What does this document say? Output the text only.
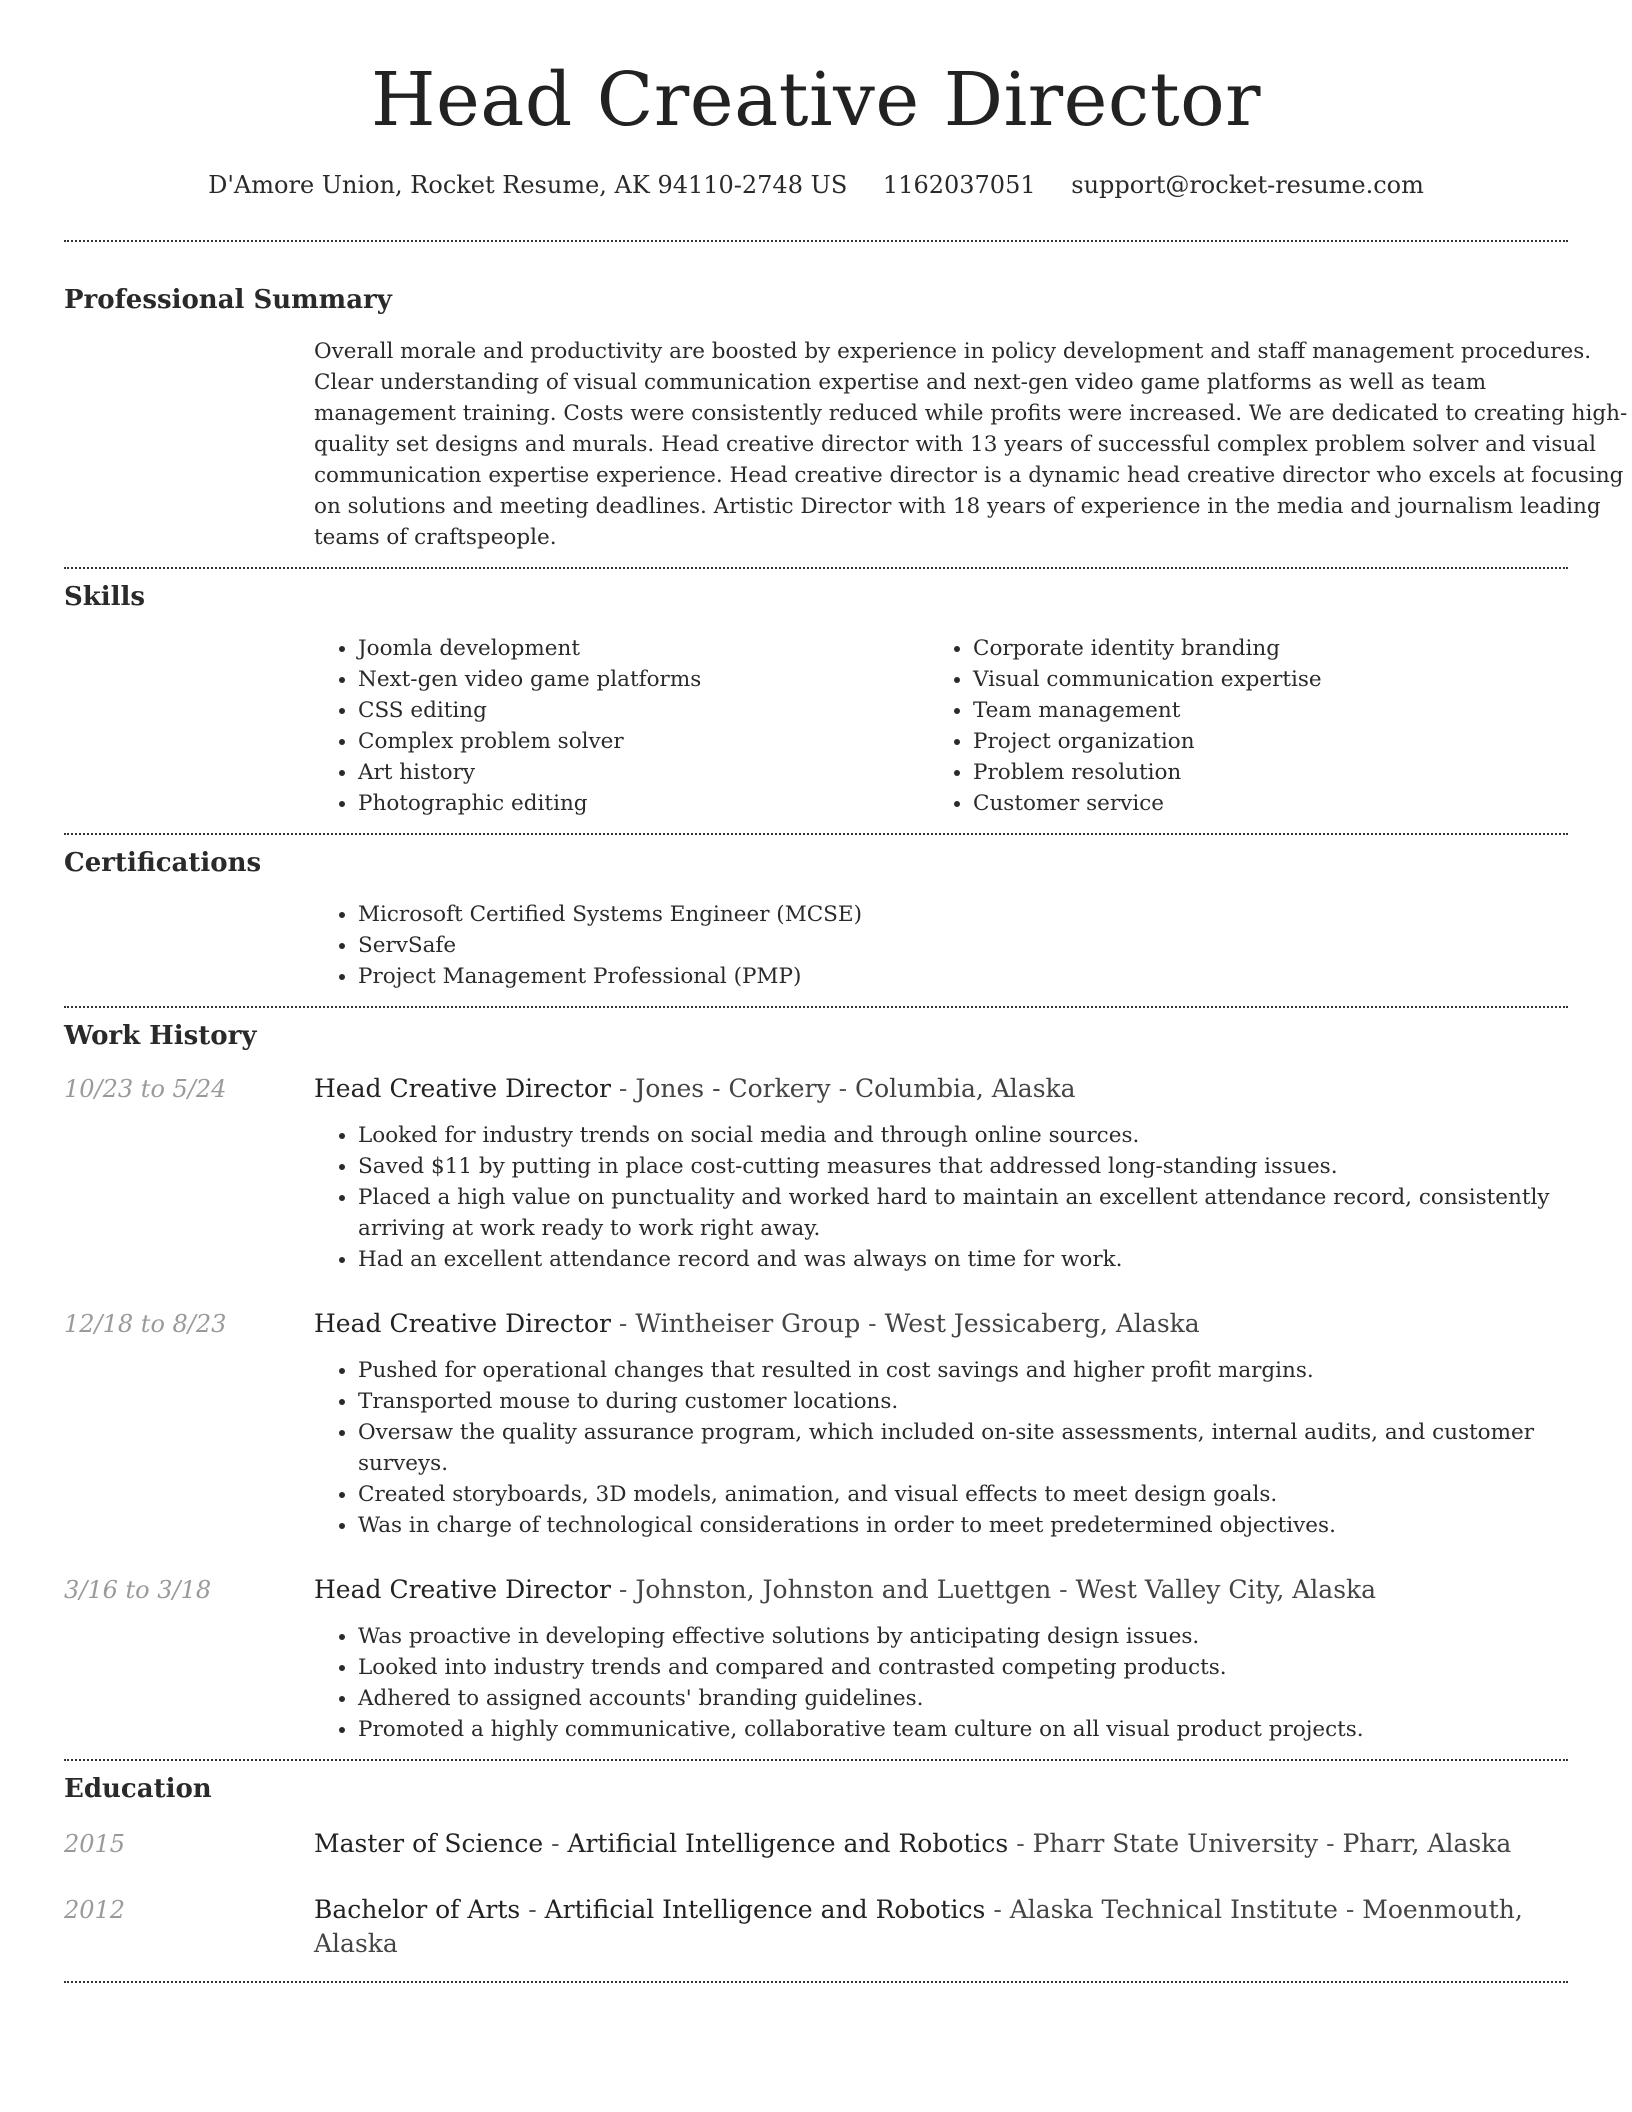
Head Creative Director
D'Amore Union, Rocket Resume, AK 94110-2748 US 1162037051 support@rocket-resume.com
Professional Summary

Overall morale and productivity are boosted by experience in policy development and staff management procedures. Clear understanding of visual communication expertise and next-gen video game platforms as well as team management training. Costs were consistently reduced while profits were increased. We are dedicated to creating high-quality set designs and murals. Head creative director with 13 years of successful complex problem solver and visual communication expertise experience. Head creative director is a dynamic head creative director who excels at focusing on solutions and meeting deadlines. Artistic Director with 18 years of experience in the media and journalism leading teams of craftspeople.

Skills
• Joomla development
• Next-gen video game platforms
• CSS editing
• Complex problem solver
• Art history
• Photographic editing
• Corporate identity branding
• Visual communication expertise
• Team management
• Project organization
• Problem resolution
• Customer service
Certifications
• Microsoft Certified Systems Engineer (MCSE)
• ServSafe
• Project Management Professional (PMP)
Work History
10/23 to 5/24	Head Creative Director - Jones - Corkery - Columbia, Alaska
• Looked for industry trends on social media and through online sources.
• Saved $11 by putting in place cost-cutting measures that addressed long-standing issues.
• Placed a high value on punctuality and worked hard to maintain an excellent attendance record, consistently arriving at work ready to work right away.
• Had an excellent attendance record and was always on time for work.
12/18 to 8/23	Head Creative Director - Wintheiser Group - West Jessicaberg, Alaska
• Pushed for operational changes that resulted in cost savings and higher profit margins.
• Transported mouse to during customer locations.
• Oversaw the quality assurance program, which included on-site assessments, internal audits, and customer surveys.
• Created storyboards, 3D models, animation, and visual effects to meet design goals.
• Was in charge of technological considerations in order to meet predetermined objectives.
3/16 to 3/18	Head Creative Director - Johnston, Johnston and Luettgen - West Valley City, Alaska
• Was proactive in developing effective solutions by anticipating design issues.
• Looked into industry trends and compared and contrasted competing products.
• Adhered to assigned accounts' branding guidelines.
• Promoted a highly communicative, collaborative team culture on all visual product projects.
Education
2015	Master of Science - Artificial Intelligence and Robotics - Pharr State University - Pharr, Alaska
2012	Bachelor of Arts - Artificial Intelligence and Robotics - Alaska Technical Institute - Moenmouth, Alaska
